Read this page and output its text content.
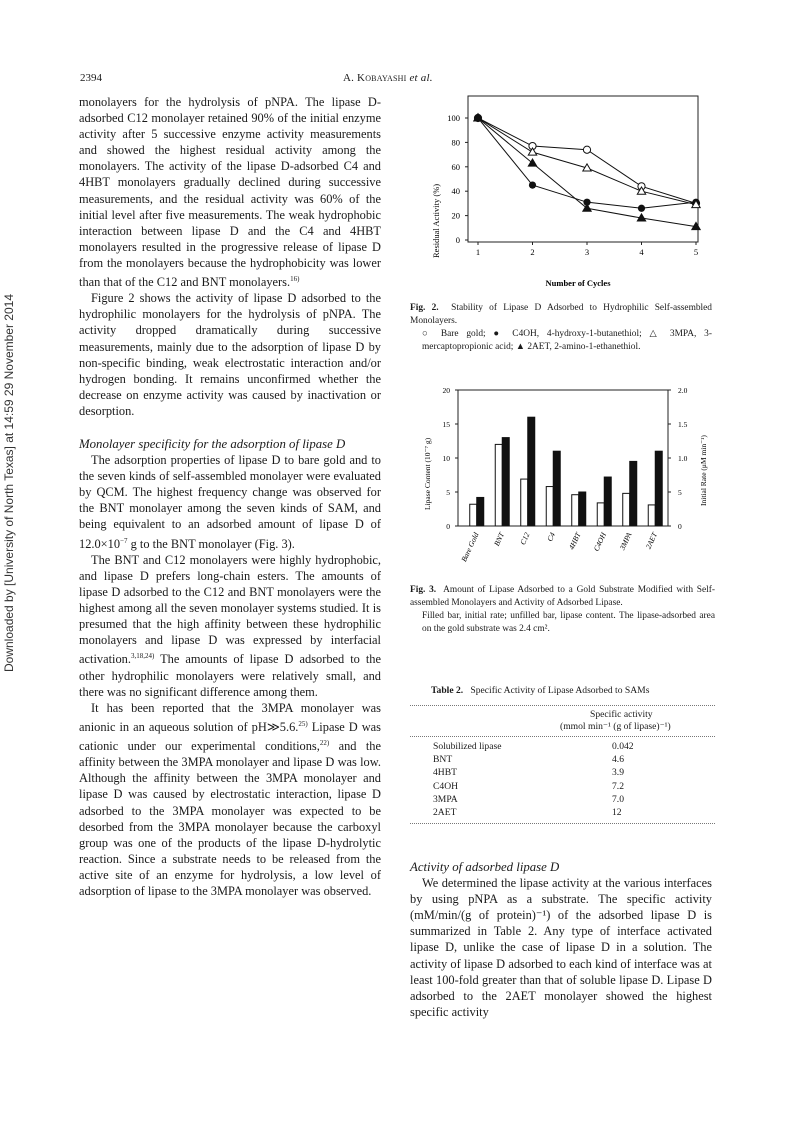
2394	A. Kobayashi et al.
Downloaded by [University of North Texas] at 14:59 29 November 2014

monolayers for the hydrolysis of pNPA. The lipase D-adsorbed C12 monolayer retained 90% of the initial enzyme activity after 5 successive enzyme activity measurements and showed the highest residual activity among the monolayers. The activity of the lipase D-adsorbed C4 and 4HBT monolayers gradually declined during successive measurements, and the residual activity was 60% of the initial level after five measurements. The weak hydrophobic interaction between lipase D and the C4 and 4HBT monolayers resulted in the progressive release of lipase D from the monolayers because the hydrophobicity was lower than that of the C12 and BNT monolayers.$^{16)}$

Figure 2 shows the activity of lipase D adsorbed to the hydrophilic monolayers for the hydrolysis of pNPA. The activity dropped dramatically during successive measurements, mainly due to the adsorption of lipase D by non-specific binding, weak electrostatic interaction and/or hydrogen bonding. It remains unconfirmed whether the decrease on enzyme activity was caused by inactivation or desorption.

Monolayer specificity for the adsorption of lipase D

The adsorption properties of lipase D to bare gold and to the seven kinds of self-assembled monolayer were evaluated by QCM. The highest frequency change was observed for the BNT monolayer among the seven kinds of SAM, and being equivalent to an adsorbed amount of lipase D of $12.0\times 10^{-7}$ g to the BNT monolayer (Fig. 3).

The BNT and C12 monolayers were highly hydrophobic, and lipase D prefers long-chain esters. The amounts of lipase D adsorbed to the C12 and BNT monolayers were the highest among all the seven monolayer systems studied. It is presumed that the high affinity between these hydrophilic monolayers and lipase D was expressed by interfacial activation.$^{3,18,24)}$ The amounts of lipase D adsorbed to the other hydrophilic monolayers were relatively small, and there was no significant difference among them.

It has been reported that the 3MPA monolayer was anionic in an aqueous solution of pH≫5.6.$^{25)}$ Lipase D was cationic under our experimental conditions,$^{22)}$ and the affinity between the 3MPA monolayer and lipase D was low. Although the affinity between the 3MPA monolayer and lipase D was caused by electrostatic interaction, lipase D adsorbed to the 3MPA monolayer was expected to be desorbed from the 3MPA monolayer because the carboxyl group was one of the products of the lipase D-hydrolytic reaction. Since a substrate needs to be released from the active site of an enzyme for hydrolysis, a low level of adsorption of lipase to the 3MPA monolayer was observed.

0
20
40
60
80
100
1	2	3	4	5
Residual Activity (%)
Number of Cycles
Fig. 2. Stability of Lipase D Adsorbed to Hydrophilic Self-assembled Monolayers.
○ Bare gold; ● C4OH, 4-hydroxy-1-butanethiol; △ 3MPA, 3-mercaptopropionic acid; ▲ 2AET, 2-amino-1-ethanethiol.
0
5
10
15
20
0
5
1.0
1.5
2.0
Bare Gold BNT C12 C4 4HBT C4OH 3MPA 2AET
Lipase Content (10⁻⁷ g)	Initial Rate (μM min⁻¹)
Fig. 3. Amount of Lipase Adsorbed to a Gold Substrate Modified with Self-assembled Monolayers and Activity of Adsorbed Lipase.
Filled bar, initial rate; unfilled bar, lipase content. The lipase-adsorbed area on the gold substrate was 2.4 cm².
Table 2. Specific Activity of Lipase Adsorbed to SAMs
Specific activity
(mmol min⁻¹ (g of lipase)⁻¹)
Solubilized lipase	0.042
BNT	4.6
4HBT	3.9
C4OH	7.2
3MPA	7.0
2AET	12
Activity of adsorbed lipase D

We determined the lipase activity at the various interfaces by using pNPA as a substrate. The specific activity (mM/min/(g of protein)⁻¹) of the adsorbed lipase D is summarized in Table 2. Any type of interface activated lipase D, unlike the case of lipase D in a solution. The activity of lipase D adsorbed to each kind of interface was at least 100-fold greater than that of soluble lipase D. Lipase D adsorbed to the 2AET monolayer showed the highest specific activity
